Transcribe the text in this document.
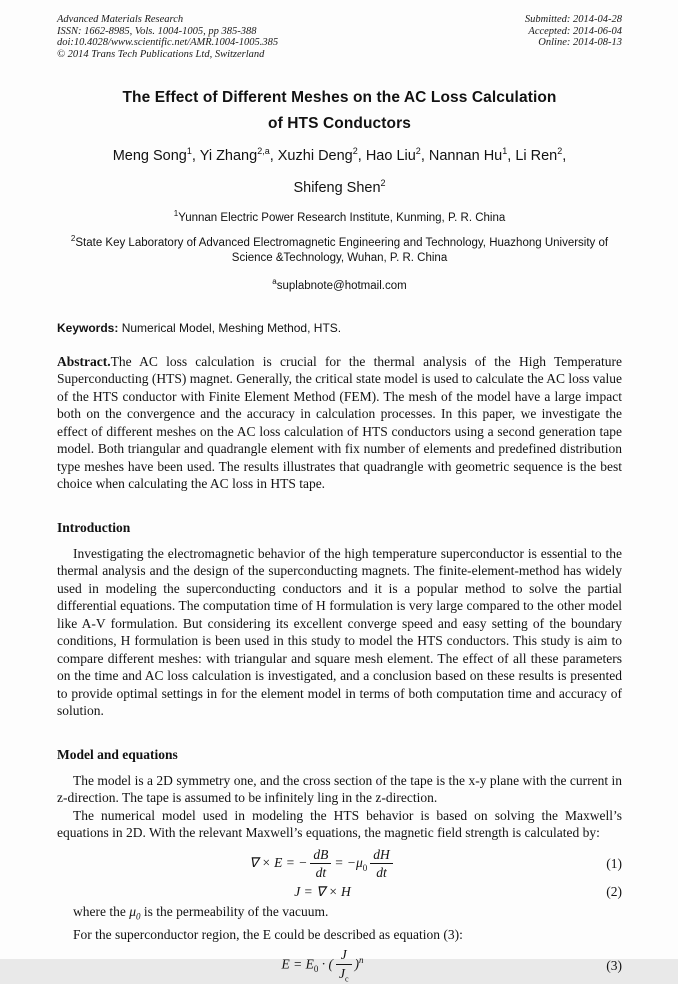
Advanced Materials Research
ISSN: 1662-8985, Vols. 1004-1005, pp 385-388
doi:10.4028/www.scientific.net/AMR.1004-1005.385
© 2014 Trans Tech Publications Ltd, Switzerland
Submitted: 2014-04-28
Accepted: 2014-06-04
Online: 2014-08-13
The Effect of Different Meshes on the AC Loss Calculation
of HTS Conductors
Meng Song$^1$, Yi Zhang$^{2,a}$, Xuzhi Deng$^2$, Hao Liu$^2$, Nannan Hu$^1$, Li Ren$^2$,
Shifeng Shen$^2$
$^1$Yunnan Electric Power Research Institute, Kunming, P. R. China
$^2$State Key Laboratory of Advanced Electromagnetic Engineering and Technology, Huazhong University of Science &Technology, Wuhan, P. R. China
$^a$suplabnote@hotmail.com

Keywords: Numerical Model, Meshing Method, HTS.

Abstract.The AC loss calculation is crucial for the thermal analysis of the High Temperature Superconducting (HTS) magnet. Generally, the critical state model is used to calculate the AC loss value of the HTS conductor with Finite Element Method (FEM). The mesh of the model have a large impact both on the convergence and the accuracy in calculation processes. In this paper, we investigate the effect of different meshes on the AC loss calculation of HTS conductors using a second generation tape model. Both triangular and quadrangle element with fix number of elements and predefined distribution type meshes have been used. The results illustrates that quadrangle with geometric sequence is the best choice when calculating the AC loss in HTS tape.

Introduction

Investigating the electromagnetic behavior of the high temperature superconductor is essential to the thermal analysis and the design of the superconducting magnets. The finite-element-method has widely used in modeling the superconducting conductors and it is a popular method to solve the partial differential equations. The computation time of H formulation is very large compared to the other model like A-V formulation. But considering its excellent converge speed and easy setting of the boundary conditions, H formulation is been used in this study to model the HTS conductors. This study is aim to compare different meshes: with triangular and square mesh element. The effect of all these parameters on the time and AC loss calculation is investigated, and a conclusion based on these results is presented to provide optimal settings in for the element model in terms of both computation time and accuracy of solution.

Model and equations

The model is a 2D symmetry one, and the cross section of the tape is the x-y plane with the current in z-direction. The tape is assumed to be infinitely ling in the z-direction.

The numerical model used in modeling the HTS behavior is based on solving the Maxwell’s equations in 2D. With the relevant Maxwell’s equations, the magnetic field strength is calculated by:

∇ × E = − $\frac{dB}{dt} = -\mu_0 \frac{dH}{dt}$	(1)
J = ∇ × H	(2)

where the $\mu_0$ is the permeability of the vacuum.

For the superconductor region, the E could be described as equation (3):

$E = E_0$ · ( $\frac{J}{J_c} )^n$	(3)
